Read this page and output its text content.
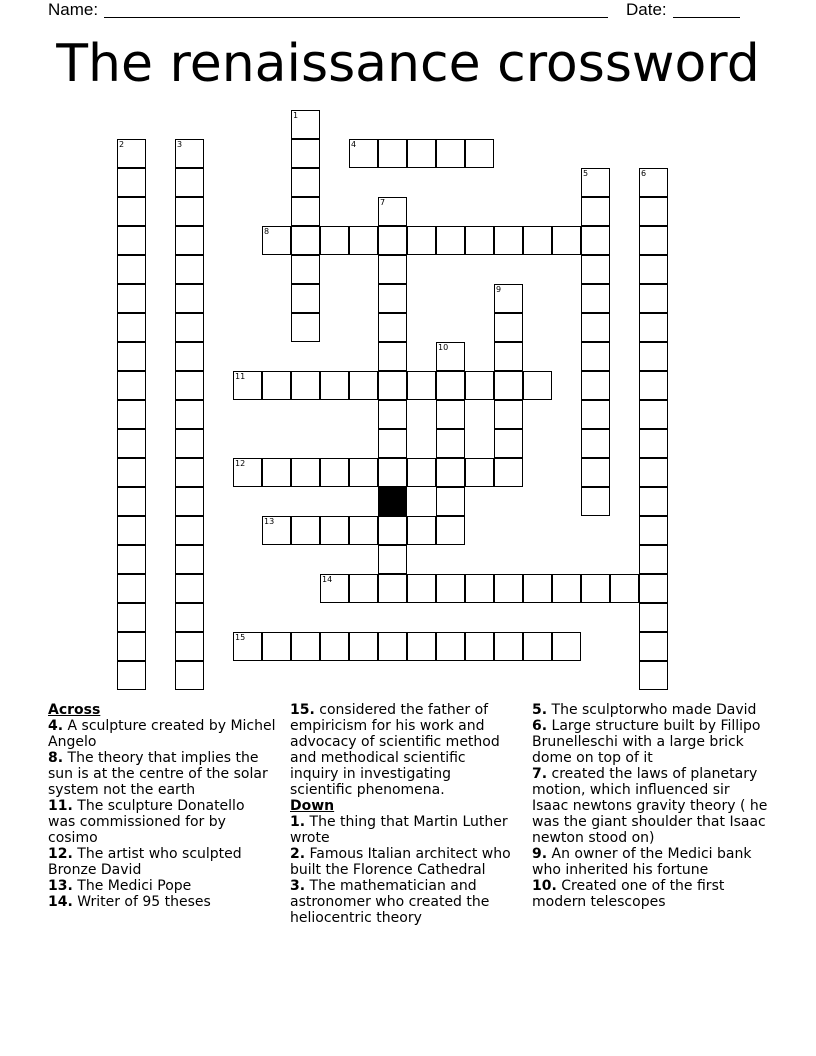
Name:	Date:
The renaissance crossword
1
2	3	4
5	6
7
8
9
10
11
12
13
14
15
Across
4. A sculpture created by Michel Angelo
8. The theory that implies the sun is at the centre of the solar system not the earth
11. The sculpture Donatello was commissioned for by cosimo
12. The artist who sculpted Bronze David
13. The Medici Pope
14. Writer of 95 theses
15. considered the father of empiricism for his work and advocacy of scientific method and methodical scientific inquiry in investigating scientific phenomena.
Down
1. The thing that Martin Luther wrote
2. Famous Italian architect who built the Florence Cathedral
3. The mathematician and astronomer who created the heliocentric theory
5. The sculptorwho made David
6. Large structure built by Fillipo Brunelleschi with a large brick dome on top of it
7. created the laws of planetary motion, which influenced sir Isaac newtons gravity theory ( he was the giant shoulder that Isaac newton stood on)
9. An owner of the Medici bank who inherited his fortune
10. Created one of the first modern telescopes
